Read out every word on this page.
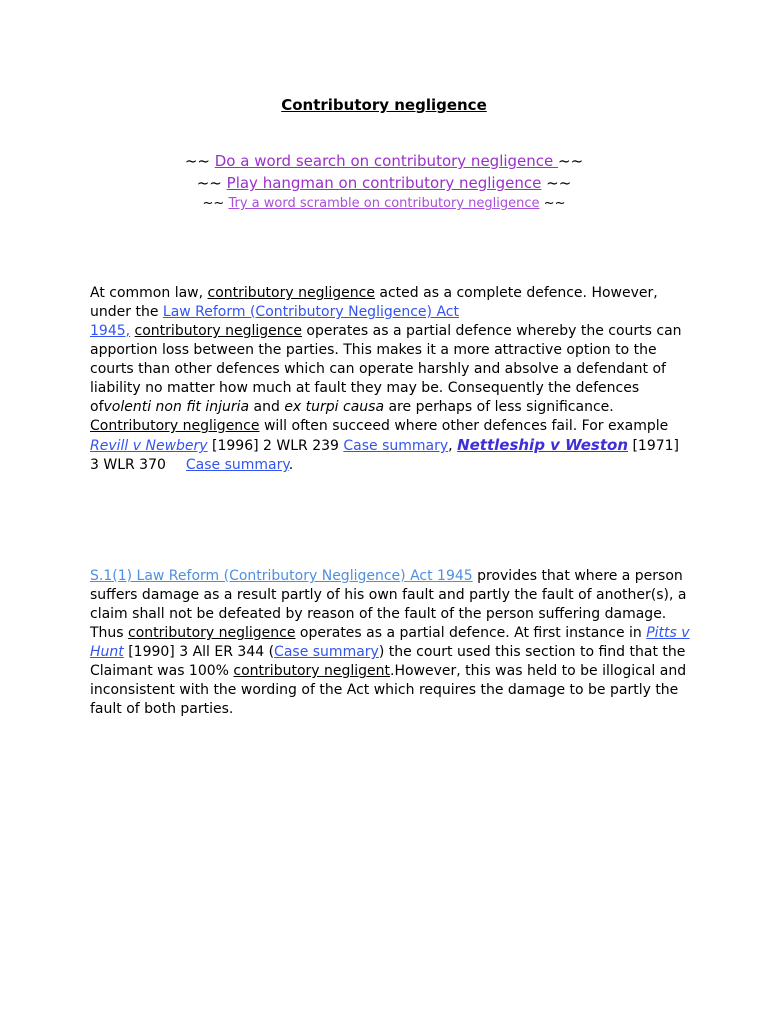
Contributory negligence
~~ Do a word search on contributory negligence ~~
~~ Play hangman on contributory negligence ~~
~~ Try a word scramble on contributory negligence ~~

At common law, contributory negligence acted as a complete defence. However, under the Law Reform (Contributory Negligence) Act
1945, contributory negligence operates as a partial defence whereby the courts can apportion loss between the parties. This makes it a more attractive option to the courts than other defences which can operate harshly and absolve a defendant of liability no matter how much at fault they may be. Consequently the defences ofvolenti non fit injuria and ex turpi causa are perhaps of less significance. Contributory negligence will often succeed where other defences fail. For example Revill v Newbery [1996] 2 WLR 239 Case summary, Nettleship v Weston [1971] 3 WLR 370 Case summary.

S.1(1) Law Reform (Contributory Negligence) Act 1945 provides that where a person suffers damage as a result partly of his own fault and partly the fault of another(s), a claim shall not be defeated by reason of the fault of the person suffering damage. Thus contributory negligence operates as a partial defence. At first instance in Pitts v Hunt [1990] 3 All ER 344 (Case summary) the court used this section to find that the Claimant was 100% contributory negligent.However, this was held to be illogical and inconsistent with the wording of the Act which requires the damage to be partly the fault of both parties.
